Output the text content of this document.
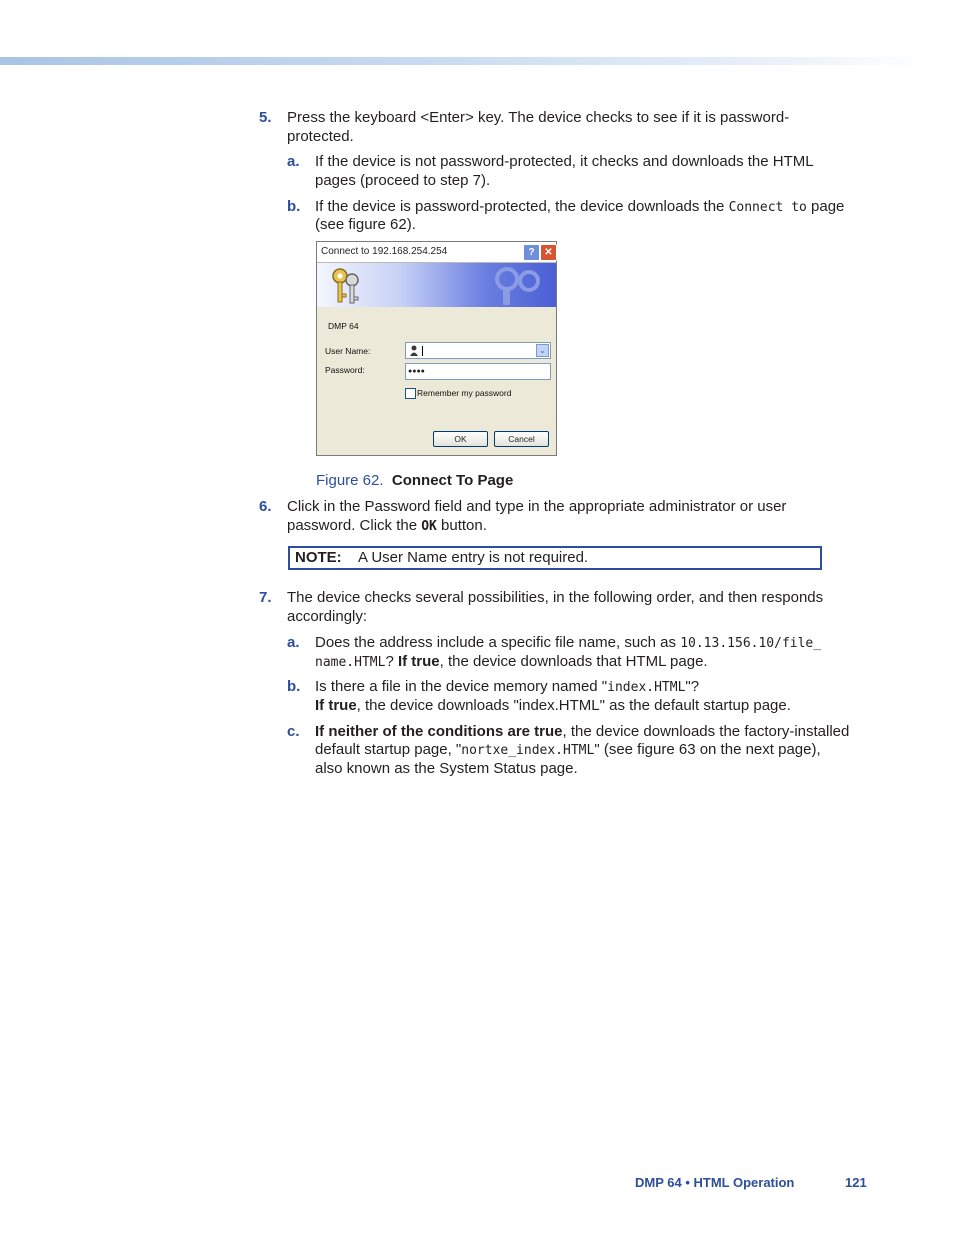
5. Press the keyboard <Enter> key. The device checks to see if it is password-
protected.
a. If the device is not password-protected, it checks and downloads the HTML
pages (proceed to step 7).
b. If the device is password-protected, the device downloads the Connect to page
(see figure 62).
Connect to 192.168.254.254	? ✕
DMP 64
User Name:	⌄
Password:	●●●●
Remember my password
OK	Cancel
Figure 62. Connect To Page
6. Click in the Password field and type in the appropriate administrator or user
password. Click the OK button.
NOTE: A User Name entry is not required.
7. The device checks several possibilities, in the following order, and then responds
accordingly:
a. Does the address include a specific file name, such as 10.13.156.10/file_
name.HTML? If true, the device downloads that HTML page.
b. Is there a file in the device memory named "index.HTML"?
If true, the device downloads "index.HTML" as the default startup page.
c. If neither of the conditions are true, the device downloads the factory-installed
default startup page, "nortxe_index.HTML" (see figure 63 on the next page),
also known as the System Status page.
DMP 64 • HTML Operation	121
